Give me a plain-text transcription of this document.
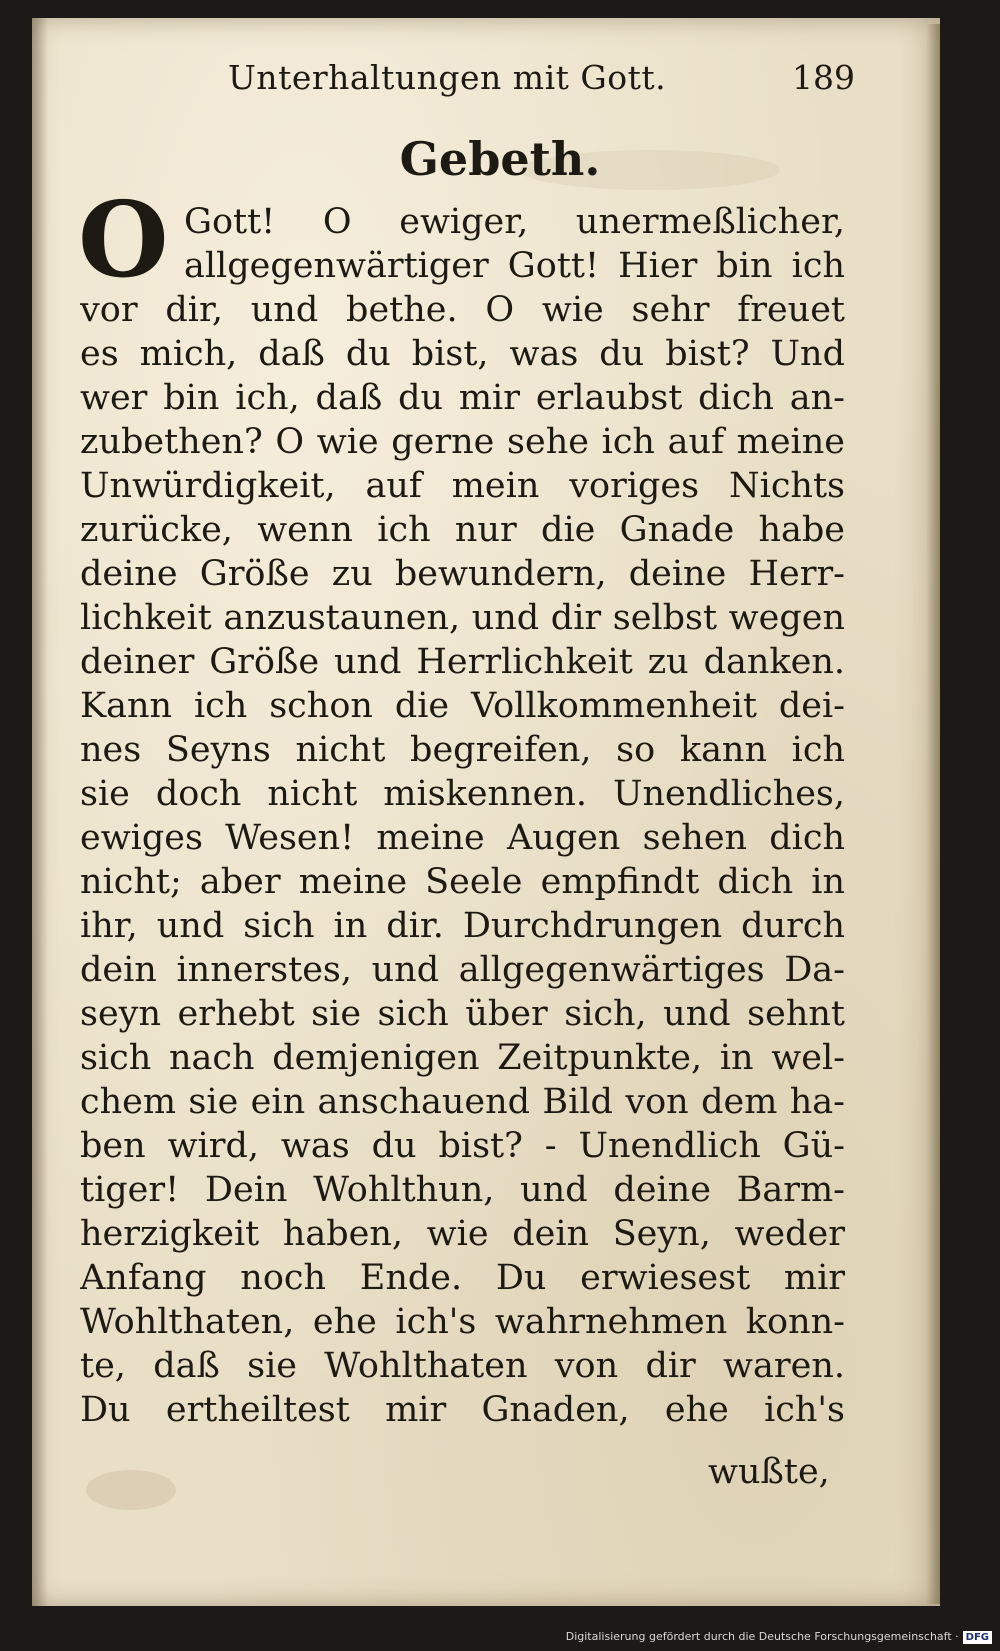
Unterhaltungen mit Gott.	189
Gebeth.
O Gott! O ewiger, unermeßlicher,
allgegenwärtiger Gott! Hier bin ich
vor dir, und bethe. O wie sehr freuet
es mich, daß du bist, was du bist? Und
wer bin ich, daß du mir erlaubst dich an-
zubethen? O wie gerne sehe ich auf meine
Unwürdigkeit, auf mein voriges Nichts
zurücke, wenn ich nur die Gnade habe
deine Größe zu bewundern, deine Herr-
lichkeit anzustaunen, und dir selbst wegen
deiner Größe und Herrlichkeit zu danken.
Kann ich schon die Vollkommenheit dei-
nes Seyns nicht begreifen, so kann ich
sie doch nicht miskennen. Unendliches,
ewiges Wesen! meine Augen sehen dich
nicht; aber meine Seele empfindt dich in
ihr, und sich in dir. Durchdrungen durch
dein innerstes, und allgegenwärtiges Da-
seyn erhebt sie sich über sich, und sehnt
sich nach demjenigen Zeitpunkte, in wel-
chem sie ein anschauend Bild von dem ha-
ben wird, was du bist? - Unendlich Gü-
tiger! Dein Wohlthun, und deine Barm-
herzigkeit haben, wie dein Seyn, weder
Anfang noch Ende. Du erwiesest mir
Wohlthaten, ehe ich's wahrnehmen konn-
te, daß sie Wohlthaten von dir waren.
Du ertheiltest mir Gnaden, ehe ich's
wußte,
Digitalisierung gefördert durch die Deutsche Forschungsgemeinschaft · DFG
